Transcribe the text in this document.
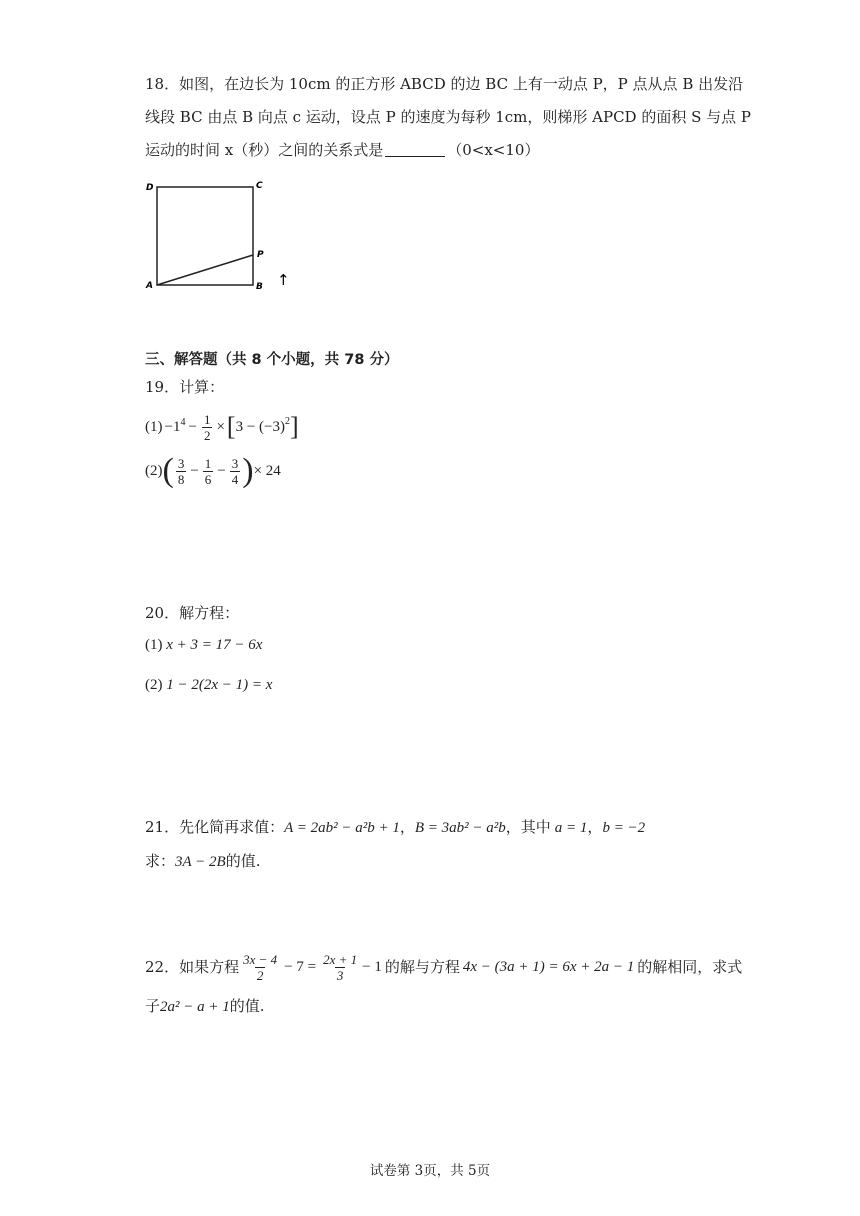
18．如图，在边长为 10cm 的正方形 ABCD 的边 BC 上有一动点 P，P 点从点 B 出发沿
线段 BC 由点 B 向点 c 运动，设点 P 的速度为每秒 1cm，则梯形 APCD 的面积 S 与点 P
运动的时间 x（秒）之间的关系式是	（0<x<10）
D	C
P
A	B ↑
三、解答题（共 8 个小题，共 78 分）
19．计算：
$(1) -1^4 - \frac{1}{2}$ × [ $3 - (-3)^2$ ]
(2) ( $\frac{3}{8} - \frac{1}{6} - \frac{3}{4}$ ) × 24
20．解方程：
(1) x + 3 = 17 − 6x
(2) 1 − 2(2x − 1) = x
21．先化简再求值：A = 2ab² − a²b + 1，B = 3ab² − a²b，其中 a = 1，b = −2
求：3A − 2B的值.
22．如果方程 $\frac{3x - 4}{2} - 7 = \frac{2x + 1}{3} - 1$ 的解与方程 4x − (3a + 1) = 6x + 2a − 1 的解相同，求式
子2a² − a + 1的值.
试卷第 3页，共 5页
